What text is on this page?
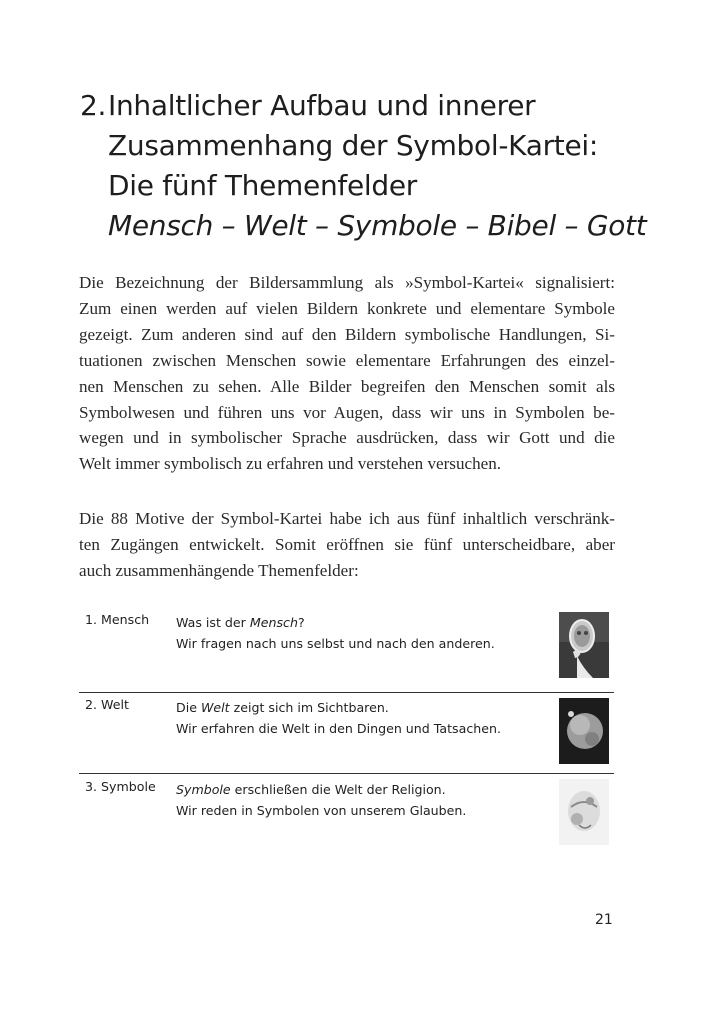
2.Inhaltlicher Aufbau und innerer
Zusammenhang der Symbol-Kartei:
Die fünf Themenfelder
Mensch – Welt – Symbole – Bibel – Gott
Die Bezeichnung der Bildersammlung als »Symbol-Kartei« signalisiert:
Zum einen werden auf vielen Bildern konkrete und elementare Symbole
gezeigt. Zum anderen sind auf den Bildern symbolische Handlungen, Si-
tuationen zwischen Menschen sowie elementare Erfahrungen des einzel-
nen Menschen zu sehen. Alle Bilder begreifen den Menschen somit als
Symbolwesen und führen uns vor Augen, dass wir uns in Symbolen be-
wegen und in symbolischer Sprache ausdrücken, dass wir Gott und die
Welt immer symbolisch zu erfahren und verstehen versuchen.
Die 88 Motive der Symbol-Kartei habe ich aus fünf inhaltlich verschränk-
ten Zugängen entwickelt. Somit eröffnen sie fünf unterscheidbare, aber
auch zusammenhängende Themenfelder:
1. Mensch Was ist der Mensch?
Wir fragen nach uns selbst und nach den anderen.
2. Welt	Die Welt zeigt sich im Sichtbaren.
Wir erfahren die Welt in den Dingen und Tatsachen.
3. Symbole Symbole erschließen die Welt der Religion.
Wir reden in Symbolen von unserem Glauben.
21
